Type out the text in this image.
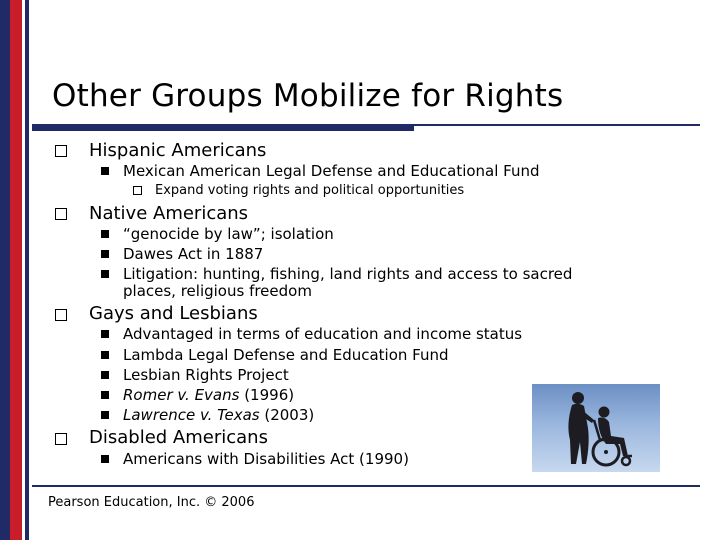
Other Groups Mobilize for Rights
Hispanic Americans
Mexican American Legal Defense and Educational Fund
Expand voting rights and political opportunities
Native Americans
“genocide by law”; isolation
Dawes Act in 1887
Litigation: hunting, fishing, land rights and access to sacred
places, religious freedom
Gays and Lesbians
Advantaged in terms of education and income status
Lambda Legal Defense and Education Fund
Lesbian Rights Project
Romer v. Evans (1996)
Lawrence v. Texas (2003)
Disabled Americans
Americans with Disabilities Act (1990)
Pearson Education, Inc. © 2006
